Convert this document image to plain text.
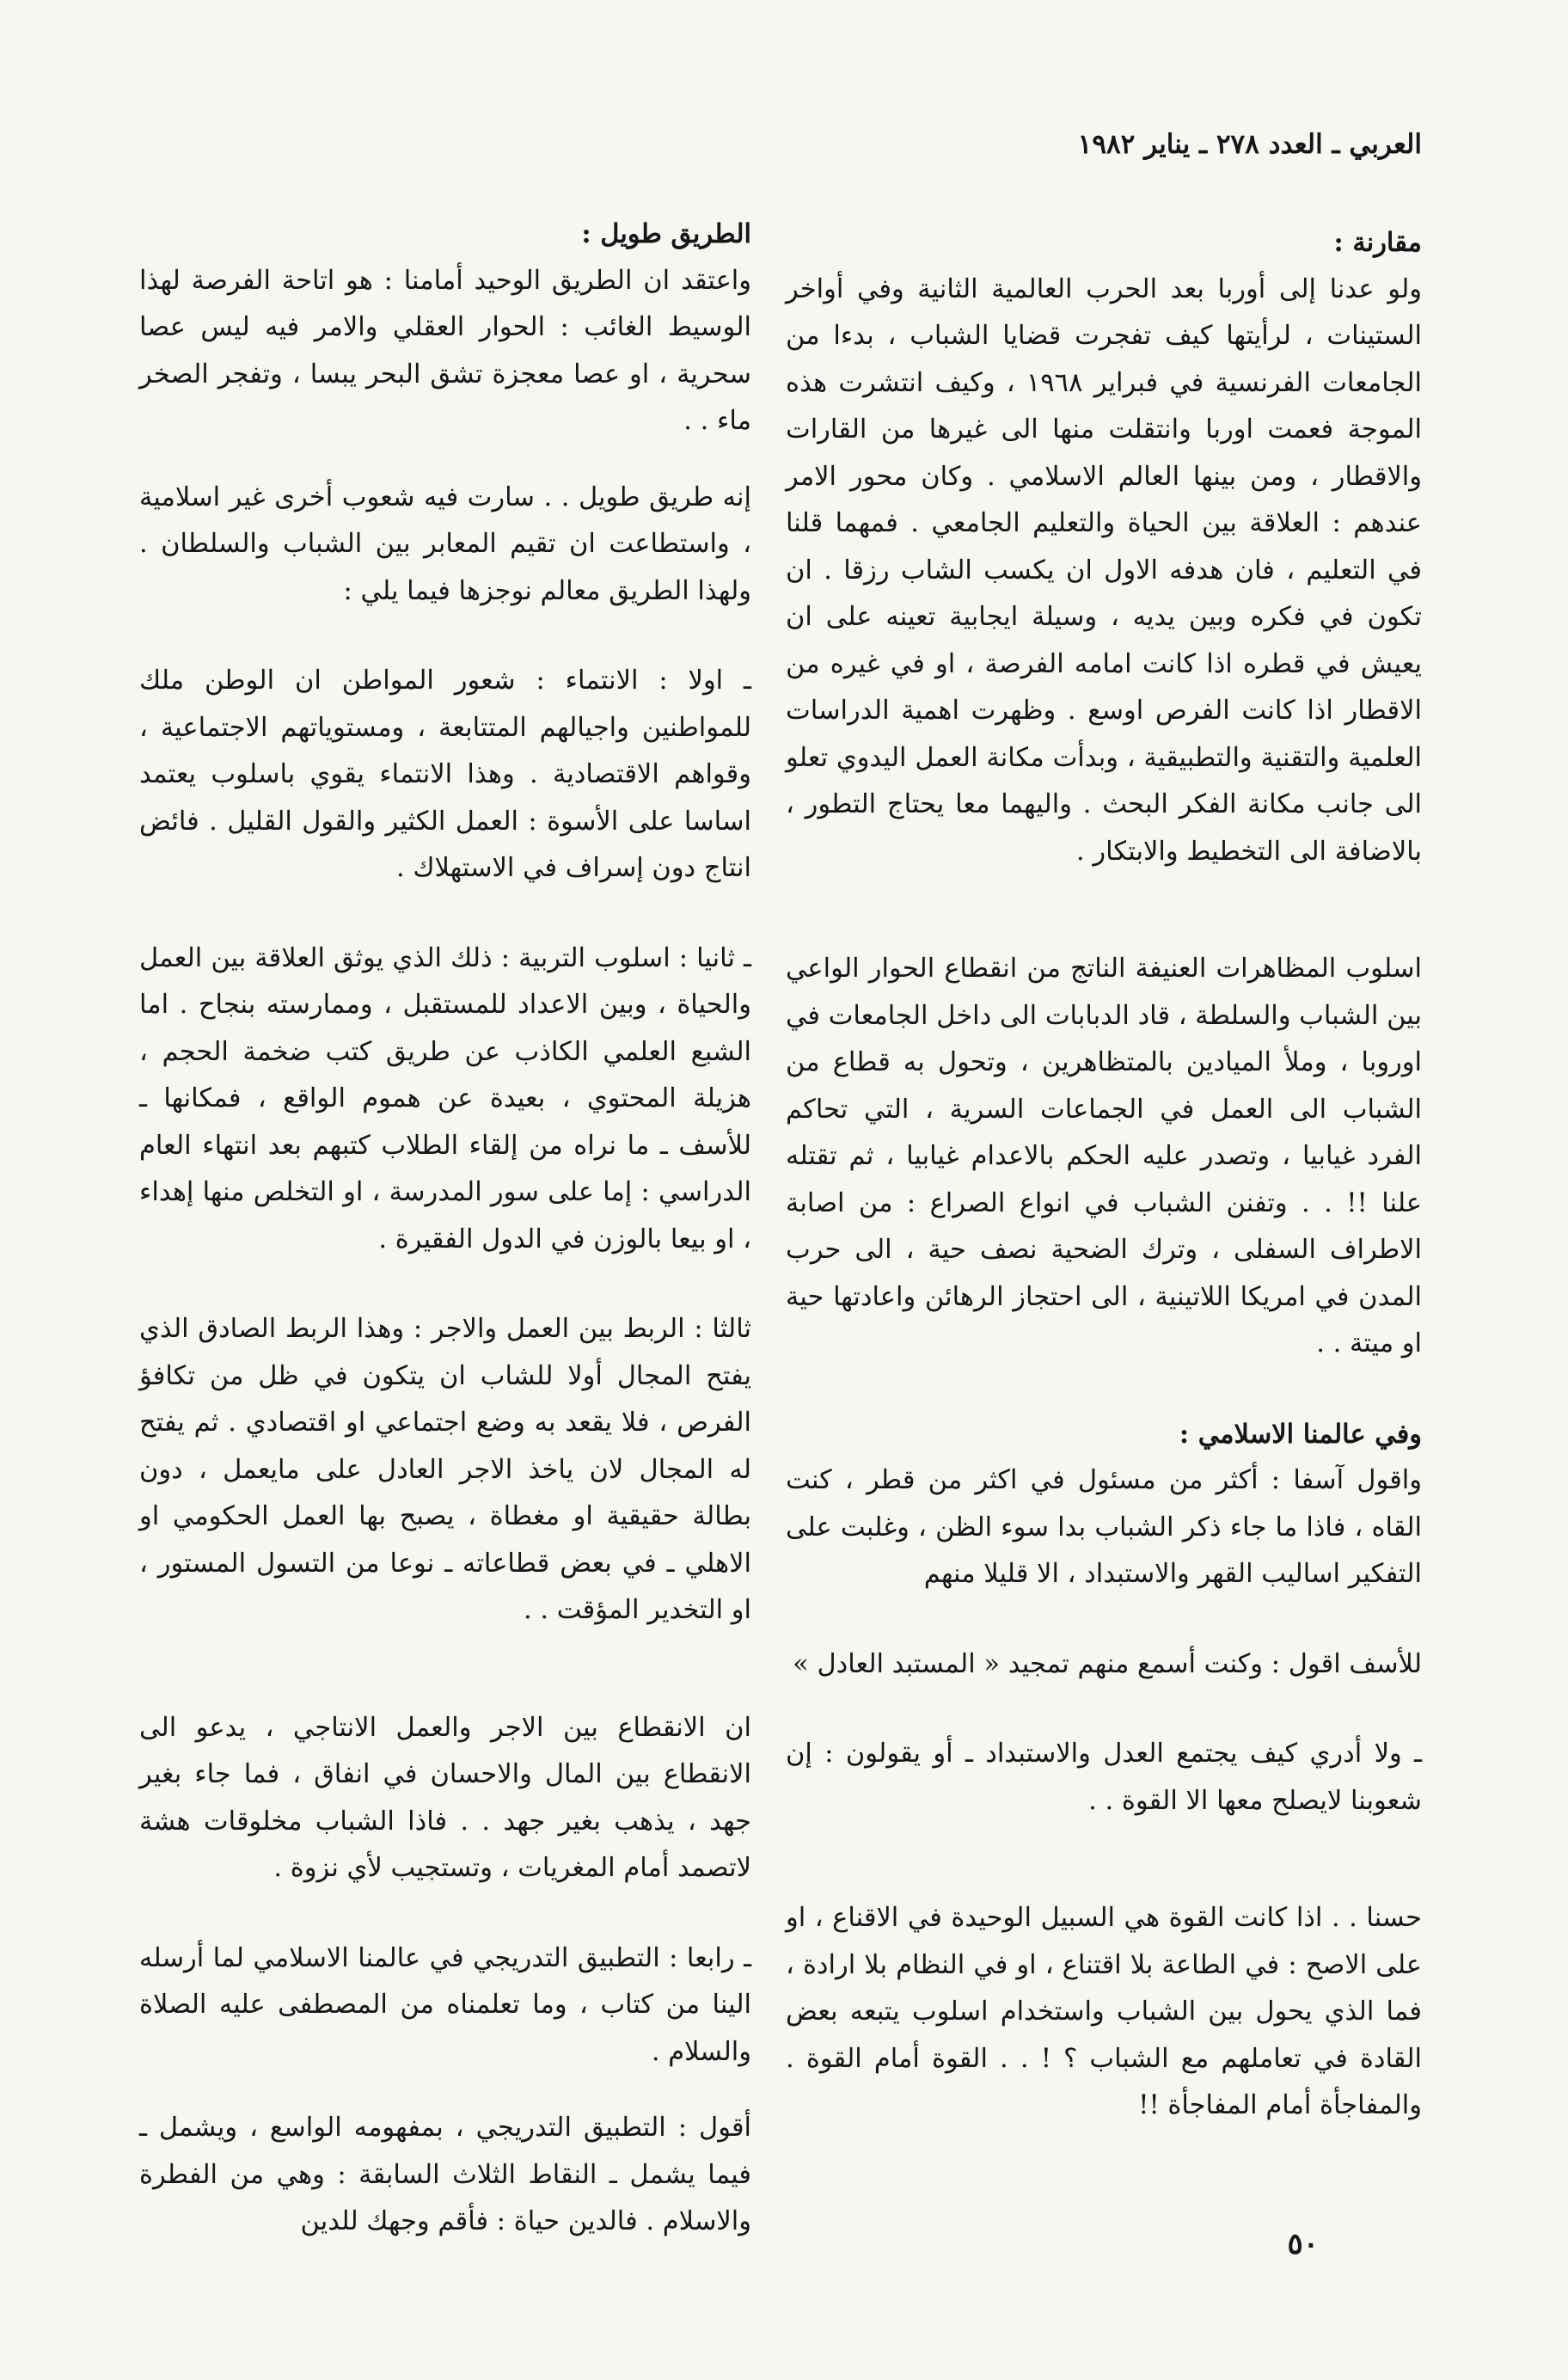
العربي ـ العدد ٢٧٨ ـ يناير ١٩٨٢

مقارنة :

ولو عدنا إلى أوربا بعد الحرب العالمية الثانية وفي أواخر الستينات ، لرأيتها كيف تفجرت قضايا الشباب ، بدءا من الجامعات الفرنسية في فبراير ١٩٦٨ ، وكيف انتشرت هذه الموجة فعمت اوربا وانتقلت منها الى غيرها من القارات والاقطار ، ومن بينها العالم الاسلامي . وكان محور الامر عندهم : العلاقة بين الحياة والتعليم الجامعي . فمهما قلنا في التعليم ، فان هدفه الاول ان يكسب الشاب رزقا . ان تكون في فكره وبين يديه ، وسيلة ايجابية تعينه على ان يعيش في قطره اذا كانت امامه الفرصة ، او في غيره من الاقطار اذا كانت الفرص اوسع . وظهرت اهمية الدراسات العلمية والتقنية والتطبيقية ، وبدأت مكانة العمل اليدوي تعلو الى جانب مكانة الفكر البحث . واليهما معا يحتاج التطور ، بالاضافة الى التخطيط والابتكار .

اسلوب المظاهرات العنيفة الناتج من انقطاع الحوار الواعي بين الشباب والسلطة ، قاد الدبابات الى داخل الجامعات في اوروبا ، وملأ الميادين بالمتظاهرين ، وتحول به قطاع من الشباب الى العمل في الجماعات السرية ، التي تحاكم الفرد غيابيا ، وتصدر عليه الحكم بالاعدام غيابيا ، ثم تقتله علنا !! . . وتفنن الشباب في انواع الصراع : من اصابة الاطراف السفلى ، وترك الضحية نصف حية ، الى حرب المدن في امريكا اللاتينية ، الى احتجاز الرهائن واعادتها حية او ميتة . .

وفي عالمنا الاسلامي :

واقول آسفا : أكثر من مسئول في اكثر من قطر ، كنت القاه ، فاذا ما جاء ذكر الشباب بدا سوء الظن ، وغلبت على التفكير اساليب القهر والاستبداد ، الا قليلا منهم

للأسف اقول : وكنت أسمع منهم تمجيد « المستبد العادل »

ـ ولا أدري كيف يجتمع العدل والاستبداد ـ أو يقولون : إن شعوبنا لايصلح معها الا القوة . .

حسنا . . اذا كانت القوة هي السبيل الوحيدة في الاقناع ، او على الاصح : في الطاعة بلا اقتناع ، او في النظام بلا ارادة ، فما الذي يحول بين الشباب واستخدام اسلوب يتبعه بعض القادة في تعاملهم مع الشباب ؟ ! . . القوة أمام القوة . والمفاجأة أمام المفاجأة !!

الطريق طويل :

واعتقد ان الطريق الوحيد أمامنا : هو اتاحة الفرصة لهذا الوسيط الغائب : الحوار العقلي والامر فيه ليس عصا سحرية ، او عصا معجزة تشق البحر يبسا ، وتفجر الصخر ماء . .

إنه طريق طويل . . سارت فيه شعوب أخرى غير اسلامية ، واستطاعت ان تقيم المعابر بين الشباب والسلطان . ولهذا الطريق معالم نوجزها فيما يلي :

ـ اولا : الانتماء : شعور المواطن ان الوطن ملك للمواطنين واجيالهم المتتابعة ، ومستوياتهم الاجتماعية ، وقواهم الاقتصادية . وهذا الانتماء يقوي باسلوب يعتمد اساسا على الأسوة : العمل الكثير والقول القليل . فائض انتاج دون إسراف في الاستهلاك .

ـ ثانيا : اسلوب التربية : ذلك الذي يوثق العلاقة بين العمل والحياة ، وبين الاعداد للمستقبل ، وممارسته بنجاح . اما الشبع العلمي الكاذب عن طريق كتب ضخمة الحجم ، هزيلة المحتوي ، بعيدة عن هموم الواقع ، فمكانها ـ للأسف ـ ما نراه من إلقاء الطلاب كتبهم بعد انتهاء العام الدراسي : إما على سور المدرسة ، او التخلص منها إهداء ، او بيعا بالوزن في الدول الفقيرة .

ثالثا : الربط بين العمل والاجر : وهذا الربط الصادق الذي يفتح المجال أولا للشاب ان يتكون في ظل من تكافؤ الفرص ، فلا يقعد به وضع اجتماعي او اقتصادي . ثم يفتح له المجال لان ياخذ الاجر العادل على مايعمل ، دون بطالة حقيقية او مغطاة ، يصبح بها العمل الحكومي او الاهلي ـ في بعض قطاعاته ـ نوعا من التسول المستور ، او التخدير المؤقت . .

ان الانقطاع بين الاجر والعمل الانتاجي ، يدعو الى الانقطاع بين المال والاحسان في انفاق ، فما جاء بغير جهد ، يذهب بغير جهد . . فاذا الشباب مخلوقات هشة لاتصمد أمام المغريات ، وتستجيب لأي نزوة .

ـ رابعا : التطبيق التدريجي في عالمنا الاسلامي لما أرسله الينا من كتاب ، وما تعلمناه من المصطفى عليه الصلاة والسلام .

أقول : التطبيق التدريجي ، بمفهومه الواسع ، ويشمل ـ فيما يشمل ـ النقاط الثلاث السابقة : وهي من الفطرة والاسلام . فالدين حياة : فأقم وجهك للدين

٥٠
